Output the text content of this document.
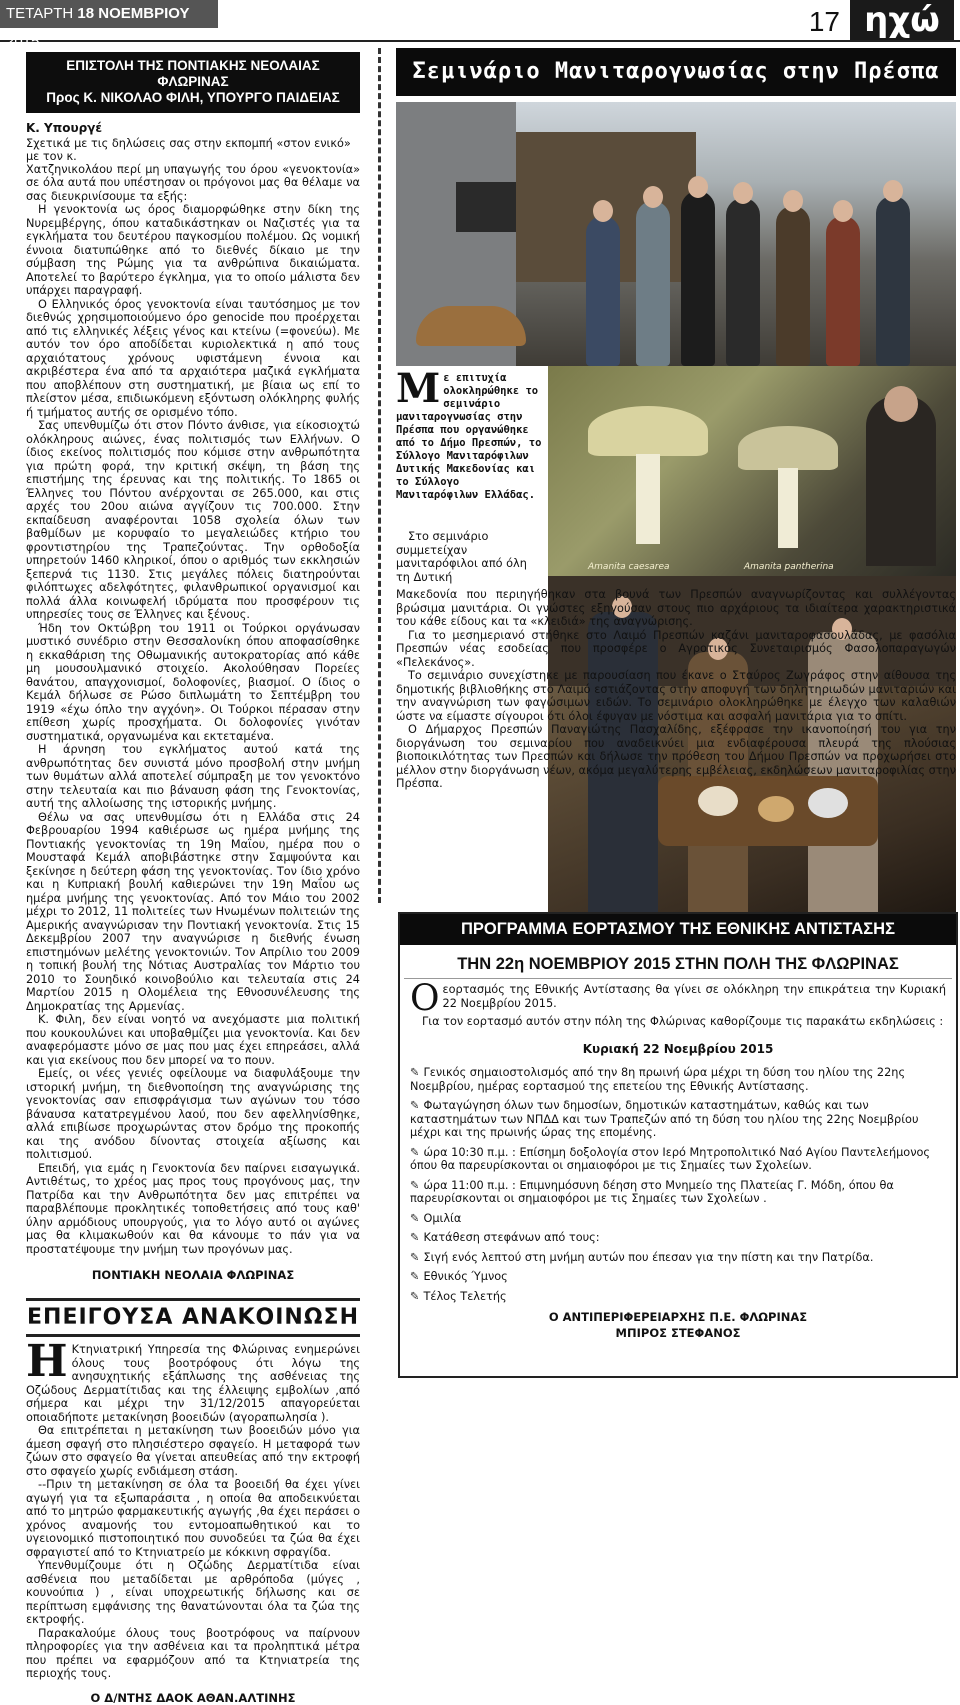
ΤΕΤΑΡΤΗ 18 ΝΟΕΜΒΡΙΟΥ 2015
17 ηχώ
ΕΠΙΣΤΟΛΗ ΤΗΣ ΠΟΝΤΙΑΚΗΣ ΝΕΟΛΑΙΑΣ ΦΛΩΡΙΝΑΣ
Προς Κ. ΝΙΚΟΛΑΟ ΦΙΛΗ, ΥΠΟΥΡΓΟ ΠΑΙΔΕΙΑΣ
Κ. Υπουργέ
Σχετικά με τις δηλώσεις σας στην εκπομπή «στον ενικό» με τον κ.

Χατζηνικολάου περί μη υπαγωγής του όρου «γενοκτονία» σε όλα αυτά που υπέστησαν οι πρόγονοι μας θα θέλαμε να σας διευκρινίσουμε τα εξής:

Η γενοκτονία ως όρος διαμορφώθηκε στην δίκη της Νυρεμβέργης, όπου καταδικάστηκαν οι Ναζιστές για τα εγκλήματα του δευτέρου παγκοσμίου πολέμου. Ως νομική έννοια διατυπώθηκε από το διεθνές δίκαιο με την σύμβαση της Ρώμης για τα ανθρώπινα δικαιώματα. Αποτελεί το βαρύτερο έγκλημα, για το οποίο μάλιστα δεν υπάρχει παραγραφή.

Ο Ελληνικός όρος γενοκτονία είναι ταυτόσημος με τον διεθνώς χρησιμοποιούμενο όρο genocide που προέρχεται από τις ελληνικές λέξεις γένος και κτείνω (=φονεύω). Με αυτόν τον όρο αποδίδεται κυριολεκτικά η από τους αρχαιότατους χρόνους υφιστάμενη έννοια και ακριβέστερα ένα από τα αρχαιότερα μαζικά εγκλήματα που αποβλέπουν στη συστηματική, με βίαια ως επί το πλείστον μέσα, επιδιωκόμενη εξόντωση ολόκληρης φυλής ή τμήματος αυτής σε ορισμένο τόπο.

Σας υπενθυμίζω ότι στον Πόντο άνθισε, για είκοσιοχτώ ολόκληρους αιώνες, ένας πολιτισμός των Ελλήνων. Ο ίδιος εκείνος πολιτισμός που κόμισε στην ανθρωπότητα για πρώτη φορά, την κριτική σκέψη, τη βάση της επιστήμης της έρευνας και της πολιτικής. Το 1865 οι Έλληνες του Πόντου ανέρχονται σε 265.000, και στις αρχές του 20ου αιώνα αγγίζουν τις 700.000. Στην εκπαίδευση αναφέρονται 1058 σχολεία όλων των βαθμίδων με κορυφαίο το μεγαλειώδες κτήριο του φροντιστηρίου της Τραπεζούντας. Την ορθοδοξία υπηρετούν 1460 κληρικοί, όπου ο αριθμός των εκκλησιών ξεπερνά τις 1130. Στις μεγάλες πόλεις διατηρούνται φιλόπτωχες αδελφότητες, φιλανθρωπικοί οργανισμοί και πολλά άλλα κοινωφελή ιδρύματα που προσφέρουν τις υπηρεσίες τους σε Έλληνες και ξένους.

Ήδη τον Οκτώβρη του 1911 οι Τούρκοι οργάνωσαν μυστικό συνέδριο στην Θεσσαλονίκη όπου αποφασίσθηκε η εκκαθάριση της Οθωμανικής αυτοκρατορίας από κάθε μη μουσουλμανικό στοιχείο. Ακολούθησαν Πορείες θανάτου, απαγχονισμοί, δολοφονίες, βιασμοί. Ο ίδιος ο Κεμάλ δήλωσε σε Ρώσο διπλωμάτη το Σεπτέμβρη του 1919 «έχω όπλο την αγχόνη». Οι Τούρκοι πέρασαν στην επίθεση χωρίς προσχήματα. Οι δολοφονίες γινόταν συστηματικά, οργανωμένα και εκτεταμένα.

Η άρνηση του εγκλήματος αυτού κατά της ανθρωπότητας δεν συνιστά μόνο προσβολή στην μνήμη των θυμάτων αλλά αποτελεί σύμπραξη με τον γενοκτόνο στην τελευταία και πιο βάναυση φάση της Γενοκτονίας, αυτή της αλλοίωσης της ιστορικής μνήμης.

Θέλω να σας υπενθυμίσω ότι η Ελλάδα στις 24 Φεβρουαρίου 1994 καθιέρωσε ως ημέρα μνήμης της Ποντιακής γενοκτονίας τη 19η Μαΐου, ημέρα που ο Μουσταφά Κεμάλ αποβιβάστηκε στην Σαμψούντα και ξεκίνησε η δεύτερη φάση της γενοκτονίας. Τον ίδιο χρόνο και η Κυπριακή βουλή καθιερώνει την 19η Μαΐου ως ημέρα μνήμης της γενοκτονίας. Από τον Μάιο του 2002 μέχρι το 2012, 11 πολιτείες των Ηνωμένων πολιτειών της Αμερικής αναγνώρισαν την Ποντιακή γενοκτονία. Στις 15 Δεκεμβρίου 2007 την αναγνώρισε η διεθνής ένωση επιστημόνων μελέτης γενοκτονιών. Τον Απρίλιο του 2009 η τοπική βουλή της Νότιας Αυστραλίας τον Μάρτιο του 2010 το Σουηδικό κοινοβούλιο και τελευταία στις 24 Μαρτίου 2015 η Ολομέλεια της Εθνοσυνέλευσης της Δημοκρατίας της Αρμενίας.

Κ. Φιλη, δεν είναι νοητό να ανεχόμαστε μια πολιτική που κουκουλώνει και υποβαθμίζει μια γενοκτονία. Και δεν αναφερόμαστε μόνο σε μας που μας έχει επηρεάσει, αλλά και για εκείνους που δεν μπορεί να το πουν.

Εμείς, οι νέες γενιές οφείλουμε να διαφυλάξουμε την ιστορική μνήμη, τη διεθνοποίηση της αναγνώρισης της γενοκτονίας σαν επισφράγισμα των αγώνων του τόσο βάναυσα κατατρεγμένου λαού, που δεν αφελληνίσθηκε, αλλά επιβίωσε προχωρώντας στον δρόμο της προκοπής και της ανόδου δίνοντας στοιχεία αξίωσης και πολιτισμού.

Επειδή, για εμάς η Γενοκτονία δεν παίρνει εισαγωγικά. Αντιθέτως, το χρέος μας προς τους προγόνους μας, την Πατρίδα και την Ανθρωπότητα δεν μας επιτρέπει να παραβλέπουμε προκλητικές τοποθετήσεις από τους καθ' ύλην αρμόδιους υπουργούς, για το λόγο αυτό οι αγώνες μας θα κλιμακωθούν και θα κάνουμε το πάν για να προστατέψουμε την μνήμη των προγόνων μας.

ΠΟΝΤΙΑΚΗ ΝΕΟΛΑΙΑ ΦΛΩΡΙΝΑΣ
ΕΠΕΙΓΟΥΣΑ ΑΝΑΚΟΙΝΩΣΗ

Η Κτηνιατρική Υπηρεσία της Φλώρινας ενημερώνει όλους τους βοοτρόφους ότι λόγω της ανησυχητικής εξάπλωσης της ασθένειας της Οζώδους Δερματίτιδας και της έλλειψης εμβολίων ,από σήμερα και μέχρι την 31/12/2015 απαγορεύεται οποιαδήποτε μετακίνηση βοοειδών (αγοραπωλησία ).

Θα επιτρέπεται η μετακίνηση των βοοειδών μόνο για άμεση σφαγή στο πλησιέστερο σφαγείο. Η μεταφορά των ζώων στο σφαγείο θα γίνεται απευθείας από την εκτροφή στο σφαγείο χωρίς ενδιάμεση στάση.

--Πριν τη μετακίνηση σε όλα τα βοοειδή θα έχει γίνει αγωγή για τα εξωπαράσιτα , η οποία θα αποδεικνύεται από το μητρώο φαρμακευτικής αγωγής ,θα έχει περάσει ο χρόνος αναμονής του εντομοαπωθητικού και το υγειονομικό πιστοποιητικό που συνοδεύει τα ζώα θα έχει σφραγιστεί από το Κτηνιατρείο με κόκκινη σφραγίδα.

Υπενθυμίζουμε ότι η Οζώδης Δερματίτιδα είναι ασθένεια που μεταδίδεται με αρθρόποδα (μύγες , κουνούπια ) , είναι υποχρεωτικής δήλωσης και σε περίπτωση εμφάνισης της θανατώνονται όλα τα ζώα της εκτροφής.

Παρακαλούμε όλους τους βοοτρόφους να παίρνουν πληροφορίες για την ασθένεια και τα προληπτικά μέτρα που πρέπει να εφαρμόζουν από τα Κτηνιατρεία της περιοχής τους.

Ο Δ/ΝΤΗΣ ΔΑΟΚ ΑΘΑΝ.ΑΛΤΙΝΗΣ
Σεμινάριο Μανιταρογνωσίας στην Πρέσπα
Amanita caesarea	Amanita pantherina

Με επιτυχία ολοκληρώθηκε το σεμινάριο μανιταρογνωσίας στην Πρέσπα που οργανώθηκε από το Δήμο Πρεσπών, το Σύλλογο Μανιταρόφιλων Δυτικής Μακεδονίας και το Σύλλογο Μανιταρόφιλων Ελλάδας.

Στο σεμινάριο συμμετείχαν μανιταρόφιλοι από όλη τη Δυτική

Μακεδονία που περιηγήθηκαν στα βουνά των Πρεσπών αναγνωρίζοντας και συλλέγοντας βρώσιμα μανιτάρια. Οι γνώστες εξηγούσαν στους πιο αρχάριους τα ιδιαίτερα χαρακτηριστικά του κάθε είδους και τα «κλειδιά» της αναγνώρισης.

Για το μεσημεριανό στήθηκε στο Λαιμό Πρεσπών καζάνι μανιταροφασουλάδας, με φασόλια Πρεσπών νέας εσοδείας που προσφέρε ο Αγροτικός Συνεταιρισμός Φασολοπαραγωγών «Πελεκάνος».

Το σεμινάριο συνεχίστηκε με παρουσίαση που έκανε ο Σταύρος Ζωγράφος στην αίθουσα της δημοτικής βιβλιοθήκης στο Λαιμό εστιάζοντας στην αποφυγή των δηλητηριωδών μανιταριών και την αναγνώριση των φαγώσιμων ειδών. Το σεμινάριο ολοκληρώθηκε με έλεγχο των καλαθιών ώστε να είμαστε σίγουροι ότι όλοι έφυγαν με νόστιμα και ασφαλή μανιτάρια για το σπίτι.

Ο Δήμαρχος Πρεσπών Παναγιώτης Πασχαλίδης, εξέφρασε την ικανοποίησή του για την διοργάνωση του σεμιναρίου που αναδεικνύει μια ενδιαφέρουσα πλευρά της πλούσιας βιοποικιλότητας των Πρεσπών και δήλωσε την πρόθεση του Δήμου Πρεσπών να προχωρήσει στο μέλλον στην διοργάνωση νέων, ακόμα μεγαλύτερης εμβέλειας, εκδηλώσεων μανιταροφιλίας στην Πρέσπα.

ΠΡΟΓΡΑΜΜΑ ΕΟΡΤΑΣΜΟΥ ΤΗΣ ΕΘΝΙΚΗΣ ΑΝΤΙΣΤΑΣΗΣ
ΤΗΝ 22η ΝΟΕΜΒΡΙΟΥ 2015 ΣΤΗΝ ΠΟΛΗ ΤΗΣ ΦΛΩΡΙΝΑΣ

Οεορτασμός της Εθνικής Αντίστασης θα γίνει σε ολόκληρη την επικράτεια την Κυριακή 22 Νοεμβρίου 2015.

Για τον εορτασμό αυτόν στην πόλη της Φλώρινας καθορίζουμε τις παρακάτω εκδηλώσεις :

Κυριακή 22 Νοεμβρίου 2015
✎ Γενικός σημαιοστολισμός από την 8η πρωινή ώρα μέχρι τη δύση του ηλίου της 22ης Νοεμβρίου, ημέρας εορτασμού της επετείου της Εθνικής Αντίστασης.
✎ Φωταγώγηση όλων των δημοσίων, δημοτικών καταστημάτων, καθώς και των καταστημάτων των ΝΠΔΔ και των Τραπεζών από τη δύση του ηλίου της 22ης Νοεμβρίου μέχρι και της πρωινής ώρας της επομένης.
✎ ώρα 10:30 π.μ. : Επίσημη δοξολογία στον Ιερό Μητροπολιτικό Ναό Αγίου Παντελεήμονος όπου θα παρευρίσκονται οι σημαιοφόροι με τις Σημαίες των Σχολείων.
✎ ώρα 11:00 π.μ. : Επιμνημόσυνη δέηση στο Μνημείο της Πλατείας Γ. Μόδη, όπου θα παρευρίσκονται οι σημαιοφόροι με τις Σημαίες των Σχολείων .
✎ Ομιλία
✎ Κατάθεση στεφάνων από τους:
✎ Σιγή ενός λεπτού στη μνήμη αυτών που έπεσαν για την πίστη και την Πατρίδα.
✎ Εθνικός Ύμνος
✎ Τέλος Τελετής
Ο ΑΝΤΙΠΕΡΙΦΕΡΕΙΑΡΧΗΣ Π.Ε. ΦΛΩΡΙΝΑΣ
ΜΠΙΡΟΣ ΣΤΕΦΑΝΟΣ
